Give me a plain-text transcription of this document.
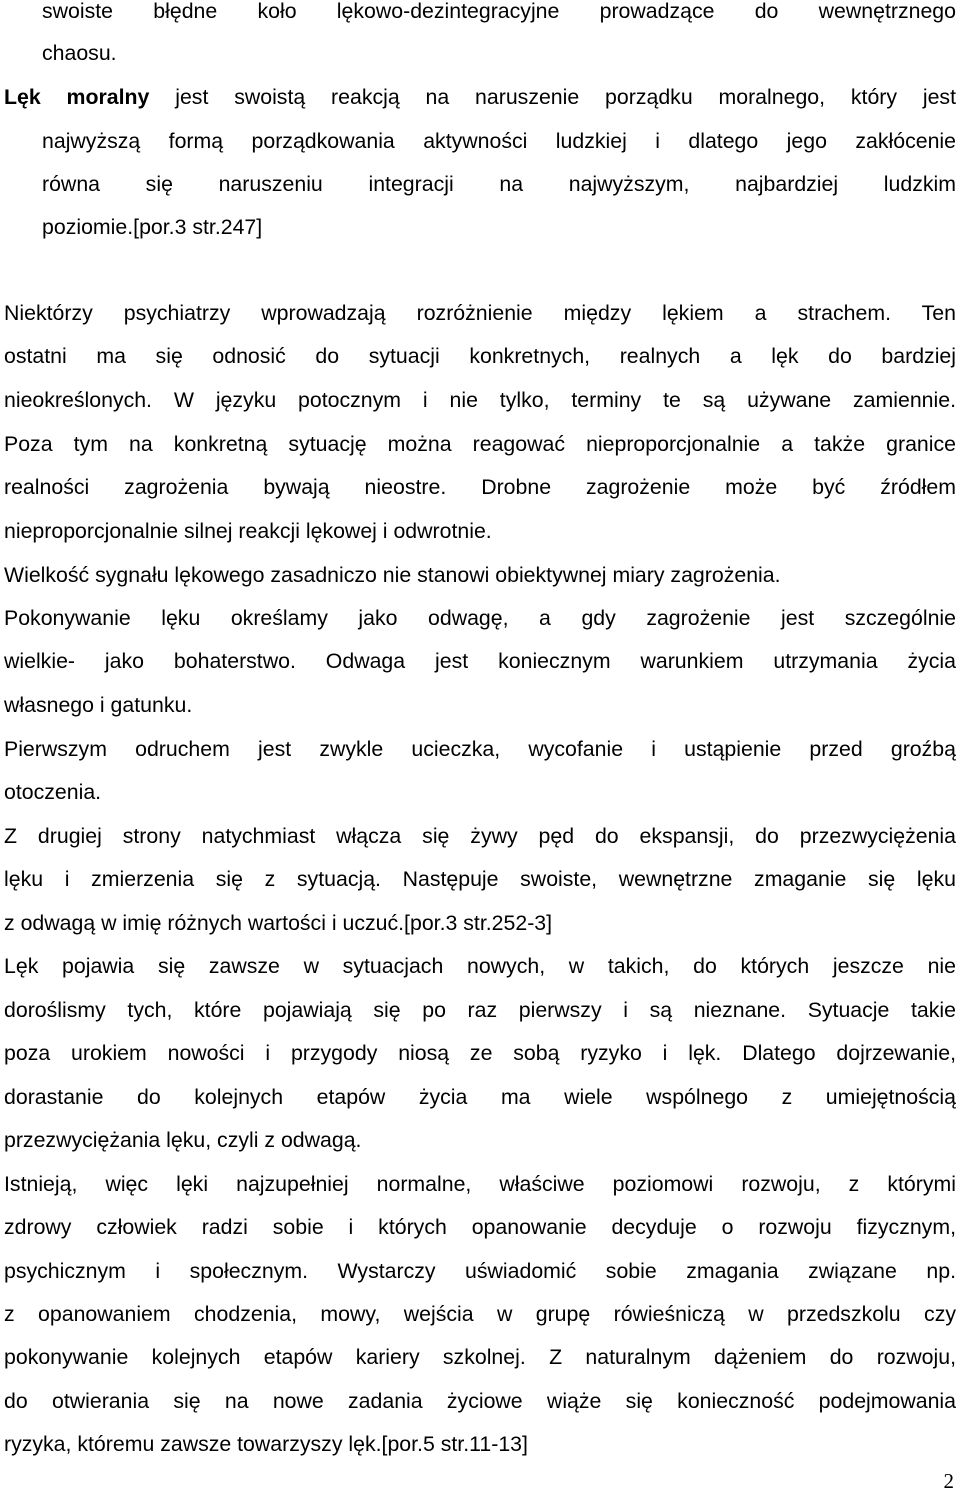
swoiste błędne koło lękowo-dezintegracyjne prowadzące do wewnętrznego
chaosu.
Lęk moralny jest swoistą reakcją na naruszenie porządku moralnego, który jest
najwyższą formą porządkowania aktywności ludzkiej i dlatego jego zakłócenie
równa się naruszeniu integracji na najwyższym, najbardziej ludzkim
poziomie.[por.3 str.247]
Niektórzy psychiatrzy wprowadzają rozróżnienie między lękiem a strachem. Ten
ostatni ma się odnosić do sytuacji konkretnych, realnych a lęk do bardziej
nieokreślonych. W języku potocznym i nie tylko, terminy te są używane zamiennie.
Poza tym na konkretną sytuację można reagować nieproporcjonalnie a także granice
realności zagrożenia bywają nieostre. Drobne zagrożenie może być źródłem
nieproporcjonalnie silnej reakcji lękowej i odwrotnie.
Wielkość sygnału lękowego zasadniczo nie stanowi obiektywnej miary zagrożenia.
Pokonywanie lęku określamy jako odwagę, a gdy zagrożenie jest szczególnie
wielkie- jako bohaterstwo. Odwaga jest koniecznym warunkiem utrzymania życia
własnego i gatunku.
Pierwszym odruchem jest zwykle ucieczka, wycofanie i ustąpienie przed groźbą
otoczenia.
Z drugiej strony natychmiast włącza się żywy pęd do ekspansji, do przezwyciężenia
lęku i zmierzenia się z sytuacją. Następuje swoiste, wewnętrzne zmaganie się lęku
z odwagą w imię różnych wartości i uczuć.[por.3 str.252-3]
Lęk pojawia się zawsze w sytuacjach nowych, w takich, do których jeszcze nie
doroślismy tych, które pojawiają się po raz pierwszy i są nieznane. Sytuacje takie
poza urokiem nowości i przygody niosą ze sobą ryzyko i lęk. Dlatego dojrzewanie,
dorastanie do kolejnych etapów życia ma wiele wspólnego z umiejętnością
przezwyciężania lęku, czyli z odwagą.
Istnieją, więc lęki najzupełniej normalne, właściwe poziomowi rozwoju, z którymi
zdrowy człowiek radzi sobie i których opanowanie decyduje o rozwoju fizycznym,
psychicznym i społecznym. Wystarczy uświadomić sobie zmagania związane np.
z opanowaniem chodzenia, mowy, wejścia w grupę rówieśniczą w przedszkolu czy
pokonywanie kolejnych etapów kariery szkolnej. Z naturalnym dążeniem do rozwoju,
do otwierania się na nowe zadania życiowe wiąże się konieczność podejmowania
ryzyka, któremu zawsze towarzyszy lęk.[por.5 str.11-13]
2
